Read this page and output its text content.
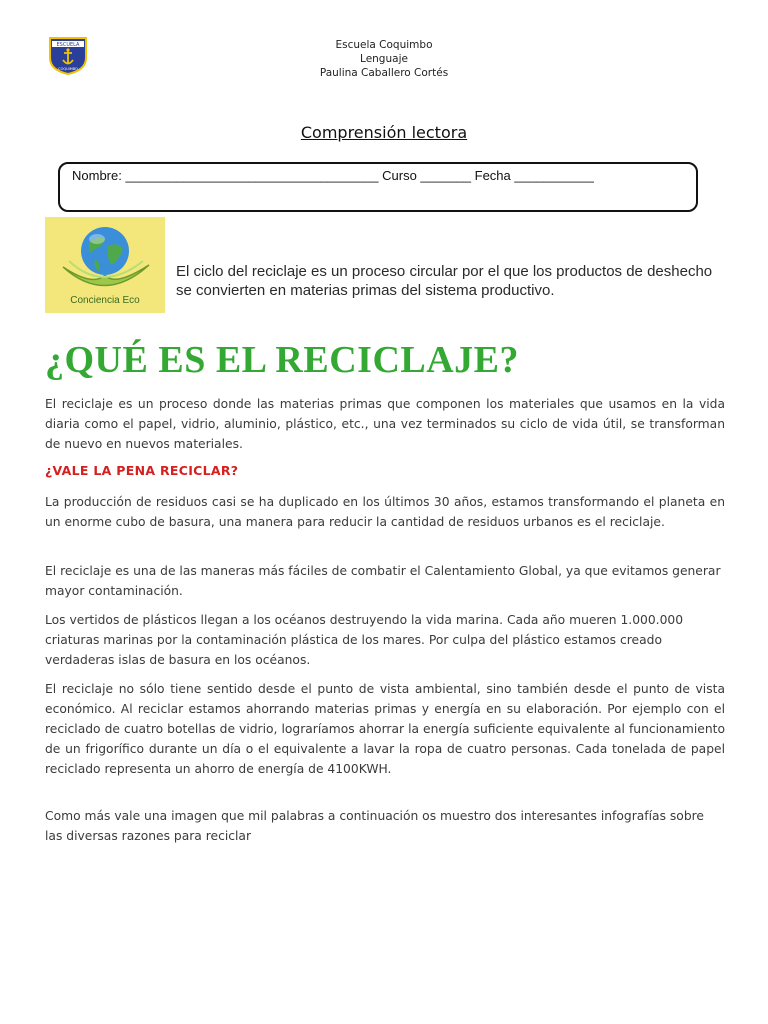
ESCUELA
COQUIMBO
Escuela Coquimbo
Lenguaje
Paulina Caballero Cortés
Comprensión lectora
Nombre: ___________________________________ Curso _______ Fecha ___________
Conciencia Eco
El ciclo del reciclaje es un proceso circular por el que los productos de deshecho se convierten en materias primas del sistema productivo.
¿QUÉ ES EL RECICLAJE?
El reciclaje es un proceso donde las materias primas que componen los materiales que usamos en la vida diaria como el papel, vidrio, aluminio, plástico, etc., una vez terminados su ciclo de vida útil, se transforman de nuevo en nuevos materiales.
¿VALE LA PENA RECICLAR?
La producción de residuos casi se ha duplicado en los últimos 30 años, estamos transformando el planeta en un enorme cubo de basura, una manera para reducir la cantidad de residuos urbanos es el reciclaje.
El reciclaje es una de las maneras más fáciles de combatir el Calentamiento Global, ya que evitamos generar mayor contaminación.
Los vertidos de plásticos llegan a los océanos destruyendo la vida marina. Cada año mueren 1.000.000 criaturas marinas por la contaminación plástica de los mares. Por culpa del plástico estamos creado verdaderas islas de basura en los océanos.
El reciclaje no sólo tiene sentido desde el punto de vista ambiental, sino también desde el punto de vista económico. Al reciclar estamos ahorrando materias primas y energía en su elaboración. Por ejemplo con el reciclado de cuatro botellas de vidrio, lograríamos ahorrar la energía suficiente equivalente al funcionamiento de un frigorífico durante un día o el equivalente a lavar la ropa de cuatro personas. Cada tonelada de papel reciclado representa un ahorro de energía de 4100KWH.
Como más vale una imagen que mil palabras a continuación os muestro dos interesantes infografías sobre las diversas razones para reciclar
